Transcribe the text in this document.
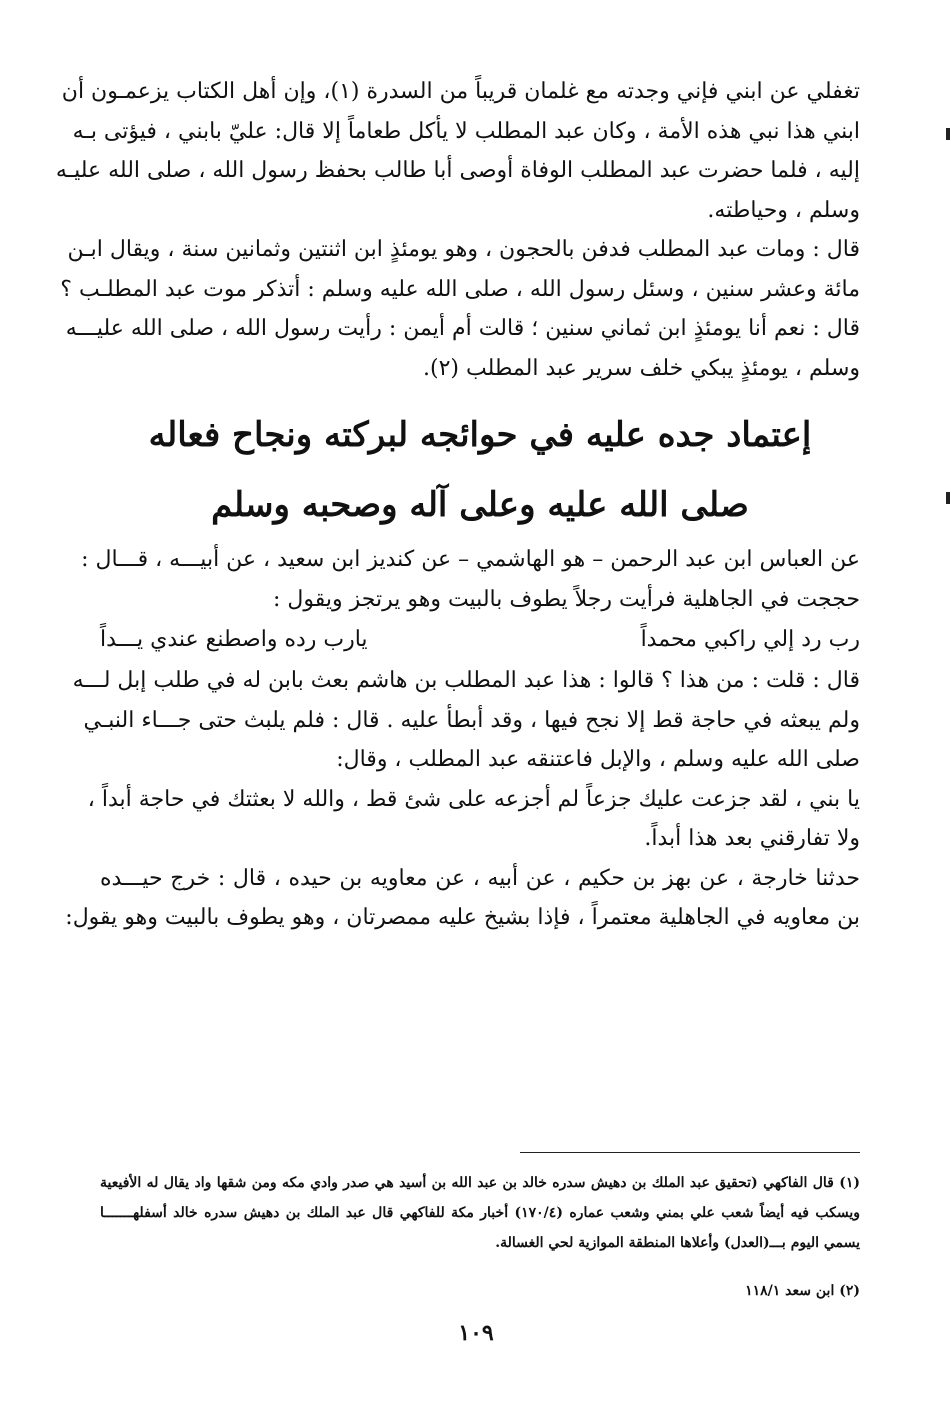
تغفلي عن ابني فإني وجدته مع غلمان قريباً من السدرة (١)، وإن أهل الكتاب يزعمـون أن
ابني هذا نبي هذه الأمة ، وكان عبد المطلب لا يأكل طعاماً إلا قال: عليّ بابني ، فيؤتى بـه
إليه ، فلما حضرت عبد المطلب الوفاة أوصى أبا طالب بحفظ رسول الله ، صلى الله عليـه
وسلم ، وحياطته.

قال : ومات عبد المطلب فدفن بالحجون ، وهو يومئذٍ ابن اثنتين وثمانين سنة ، ويقال ابـن
مائة وعشر سنين ، وسئل رسول الله ، صلى الله عليه وسلم : أتذكر موت عبد المطلـب ؟
قال : نعم أنا يومئذٍ ابن ثماني سنين ؛ قالت أم أيمن : رأيت رسول الله ، صلى الله عليـــه
وسلم ، يومئذٍ يبكي خلف سرير عبد المطلب (٢).

إعتماد جده عليه في حوائجه لبركته ونجاح فعاله
صلى الله عليه وعلى آله وصحبه وسلم

عن العباس ابن عبد الرحمن – هو الهاشمي – عن كنديز ابن سعيد ، عن أبيـــه ، قـــال :
حججت في الجاهلية فرأيت رجلاً يطوف بالبيت وهو يرتجز ويقول :

رب رد إلي راكبي محمداً
يارب رده واصطنع عندي يـــداً

قال : قلت : من هذا ؟ قالوا : هذا عبد المطلب بن هاشم بعث بابن له في طلب إبل لـــه
ولم يبعثه في حاجة قط إلا نجح فيها ، وقد أبطأ عليه . قال : فلم يلبث حتى جـــاء النبـي
صلى الله عليه وسلم ، والإبل فاعتنقه عبد المطلب ، وقال:

يا بني ، لقد جزعت عليك جزعاً لم أجزعه على شئ قط ، والله لا بعثتك في حاجة أبداً ،
ولا تفارقني بعد هذا أبداً.

حدثنا خارجة ، عن بهز بن حكيم ، عن أبيه ، عن معاويه بن حيده ، قال : خرج حيـــده
بن معاويه في الجاهلية معتمراً ، فإذا بشيخ عليه ممصرتان ، وهو يطوف بالبيت وهو يقول:

(١) قال الفاكهي (تحقيق عبد الملك بن دهيش سدره خالد بن عبد الله بن أسيد هي صدر وادي مكه ومن شقها واد يقال له الأفيعية
ويسكب فيه أيضاً شعب علي بمني وشعب عماره (١٧٠/٤) أخبار مكة للفاكهي قال عبد الملك بن دهيش سدره خالد أسفلهـــــــا
يسمي اليوم بـــ(العدل) وأعلاها المنطقة الموازية لحي الغسالة.
(٢) ابن سعد ١١٨/١
١٠٩
